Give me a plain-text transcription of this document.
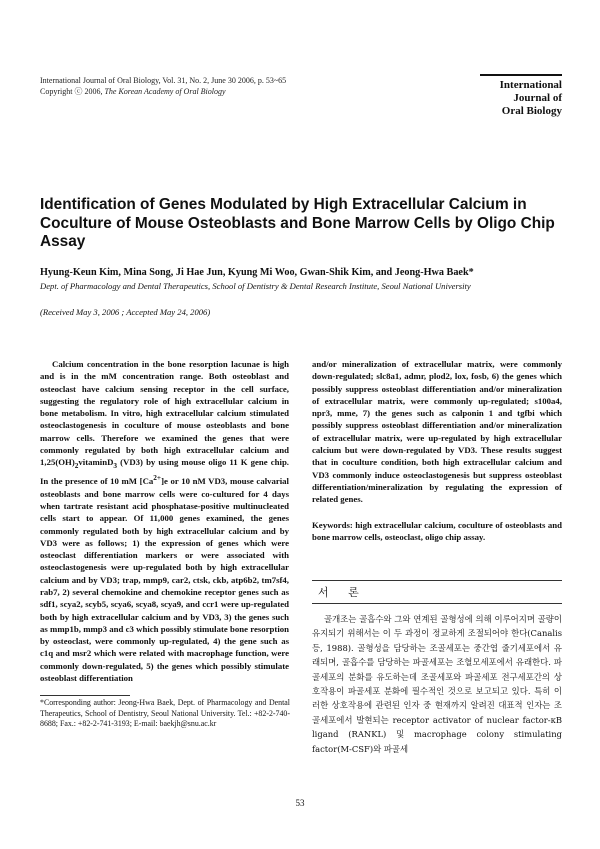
International Journal of Oral Biology, Vol. 31, No. 2, June 30 2006, p. 53~65
Copyright ⓒ 2006, The Korean Academy of Oral Biology
International
Journal of
Oral Biology
Identification of Genes Modulated by High Extracellular Calcium in Coculture of Mouse Osteoblasts and Bone Marrow Cells by Oligo Chip Assay
Hyung-Keun Kim, Mina Song, Ji Hae Jun, Kyung Mi Woo, Gwan-Shik Kim, and Jeong-Hwa Baek*
Dept. of Pharmacology and Dental Therapeutics, School of Dentistry & Dental Research Institute, Seoul National University
(Received May 3, 2006 ; Accepted May 24, 2006)

Calcium concentration in the bone resorption lacunae is high and is in the mM concentration range. Both osteoblast and osteoclast have calcium sensing receptor in the cell surface, suggesting the regulatory role of high extracellular calcium in bone metabolism. In vitro, high extracellular calcium stimulated osteoclastogenesis in coculture of mouse osteoblasts and bone marrow cells. Therefore we examined the genes that were commonly regulated by both high extracellular calcium and $1,25(OH)_2vitaminD_3$ (VD3) by using mouse oligo 11 K gene chip. In the presence of 10 mM $[Ca^{2+}]e$ or 10 nM VD3, mouse calvarial osteoblasts and bone marrow cells were co-cultured for 4 days when tartrate resistant acid phosphatase-positive multinucleated cells start to appear. Of 11,000 genes examined, the genes commonly regulated both by high extracellular calcium and by VD3 were as follows; 1) the expression of genes which were osteoclast differentiation markers or were associated with osteoclastogenesis were up-regulated both by high extracellular calcium and by VD3; trap, mmp9, car2, ctsk, ckb, atp6b2, tm7sf4, rab7, 2) several chemokine and chemokine receptor genes such as sdf1, scya2, scyb5, scya6, scya8, scya9, and ccr1 were up-regulated both by high extracellular calcium and by VD3, 3) the genes such as mmp1b, mmp3 and c3 which possibly stimulate bone resorption by osteoclast, were commonly up-regulated, 4) the gene such as c1q and msr2 which were related with macrophage function, were commonly down-regulated, 5) the genes which possibly stimulate osteoblast differentiation

and/or mineralization of extracellular matrix, were commonly down-regulated; slc8a1, admr, plod2, lox, fosb, 6) the genes which possibly suppress osteoblast differentiation and/or mineralization of extracellular matrix, were commonly up-regulated; s100a4, npr3, mme, 7) the genes such as calponin 1 and tgfbi which possibly suppress osteoblast differentiation and/or mineralization of extracellular matrix, were up-regulated by high extracellular calcium but were down-regulated by VD3. These results suggest that in coculture condition, both high extracellular calcium and VD3 commonly induce osteoclastogenesis but suppress osteoblast differentiation/mineralization by regulating the expression of related genes.

Keywords: high extracellular calcium, coculture of osteoblasts and bone marrow cells, osteoclast, oligo chip assay.

서 론

골개조는 골흡수와 그와 연계된 골형성에 의해 이루어지며 골량이 유지되기 위해서는 이 두 과정이 정교하게 조절되어야 한다(Canalis 등, 1988). 골형성을 담당하는 조골세포는 중간엽 줄기세포에서 유래되며, 골흡수를 담당하는 파골세포는 조혈모세포에서 유래한다. 파골세포의 분화를 유도하는데 조골세포와 파골세포 전구세포간의 상호작용이 파골세포 분화에 필수적인 것으로 보고되고 있다. 특히 이러한 상호작용에 관련된 인자 중 현재까지 알려진 대표적 인자는 조골세포에서 발현되는 receptor activator of nuclear factor-κB ligand (RANKL) 및 macrophage colony stimulating factor(M-CSF)와 파골세

*Corresponding author: Jeong-Hwa Baek, Dept. of Pharmacology and Dental Therapeutics, School of Dentistry, Seoul National University. Tel.: +82-2-740-8688; Fax.: +82-2-741-3193; E-mail: baekjh@snu.ac.kr
53
